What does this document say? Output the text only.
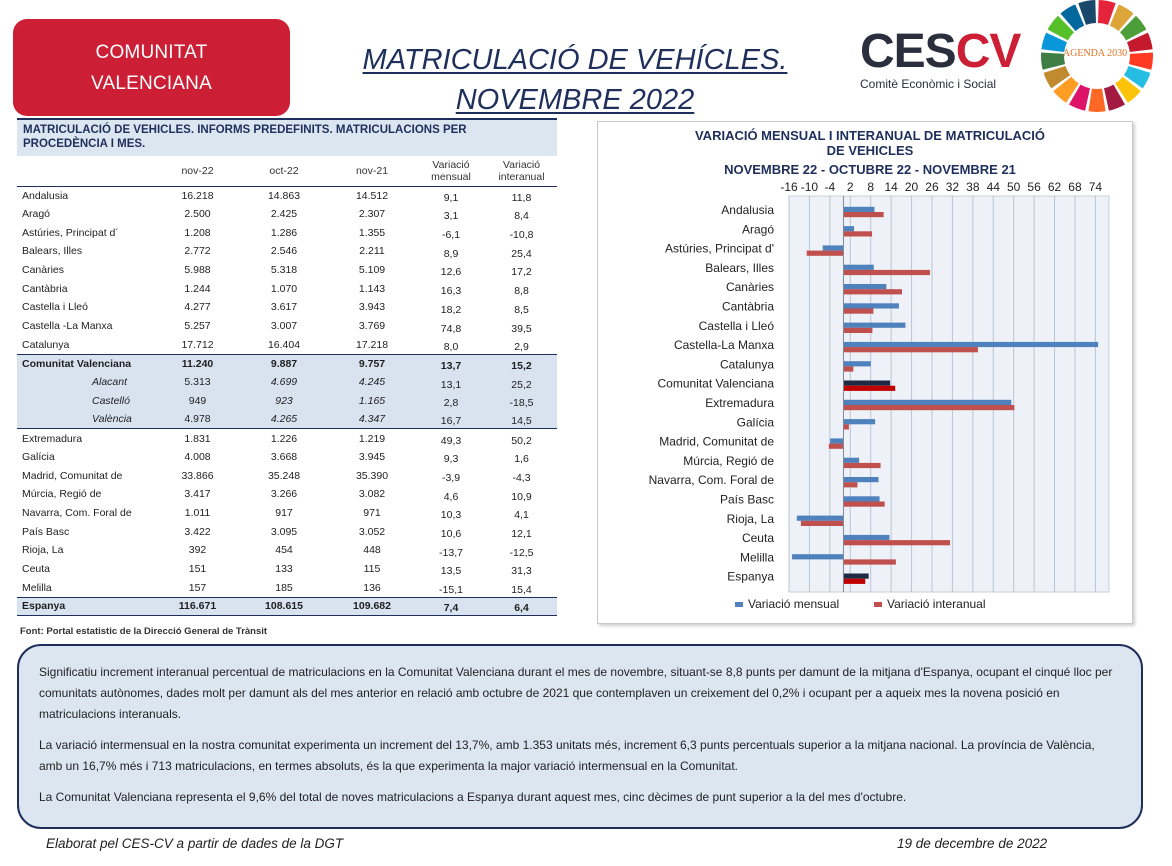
COMUNITAT
VALENCIANA
MATRICULACIÓ DE VEHÍCLES.
NOVEMBRE 2022
CESCV
Comitè Econòmic i Social
AGENDA 2030
MATRICULACIÓ DE VEHICLES. INFORMS PREDEFINITS. MATRICULACIONS PER PROCEDÈNCIA I MES.
	nov-22	oct-22	nov-21	Variació mensual	Variació interanual
Andalusia	16.218	14.863	14.512	9,1	11,8
Aragó	2.500	2.425	2.307	3,1	8,4
Astúries, Principat d´	1.208	1.286	1.355	-6,1	-10,8
Balears, Illes	2.772	2.546	2.211	8,9	25,4
Canàries	5.988	5.318	5.109	12,6	17,2
Cantàbria	1.244	1.070	1.143	16,3	8,8
Castella i Lleó	4.277	3.617	3.943	18,2	8,5
Castella -La Manxa	5.257	3.007	3.769	74,8	39,5
Catalunya	17.712	16.404	17.218	8,0	2,9
Comunitat Valenciana	11.240	9.887	9.757	13,7	15,2
Alacant	5.313	4.699	4.245	13,1	25,2
Castelló	949	923	1.165	2,8	-18,5
València	4.978	4.265	4.347	16,7	14,5
Extremadura	1.831	1.226	1.219	49,3	50,2
Galícia	4.008	3.668	3.945	9,3	1,6
Madrid, Comunitat de	33.866	35.248	35.390	-3,9	-4,3
Múrcia, Regió de	3.417	3.266	3.082	4,6	10,9
Navarra, Com. Foral de	1.011	917	971	10,3	4,1
País Basc	3.422	3.095	3.052	10,6	12,1
Rioja, La	392	454	448	-13,7	-12,5
Ceuta	151	133	115	13,5	31,3
Melilla	157	185	136	-15,1	15,4
Espanya	116.671	108.615	109.682	7,4	6,4
Font: Portal estatistic de la Direcció General de Trànsit
VARIACIÓ MENSUAL I INTERANUAL DE MATRICULACIÓ
DE VEHICLES
NOVEMBRE 22 - OCTUBRE 22 - NOVEMBRE 21
-16 -10 -4 2 8 14 20 26 32 38 44 50 56 62 68 74
Andalusia
Aragó
Astúries, Principat d'
Balears, Illes
Canàries
Cantàbria
Castella i Lleó
Castella-La Manxa
Catalunya
Comunitat Valenciana
Extremadura
Galícia
Madrid, Comunitat de
Múrcia, Regió de
Navarra, Com. Foral de
País Basc
Rioja, La
Ceuta
Melilla
Espanya
Variació mensual	Variació interanual

Significatiu increment interanual percentual de matriculacions en la Comunitat Valenciana durant el mes de novembre, situant-se 8,8 punts per damunt de la mitjana d'Espanya, ocupant el cinqué lloc per comunitats autònomes, dades molt per damunt als del mes anterior en relació amb octubre de 2021 que contemplaven un creixement del 0,2% i ocupant per a aqueix mes la novena posició en matriculacions interanuals.

La variació intermensual en la nostra comunitat experimenta un increment del 13,7%, amb 1.353 unitats més, increment 6,3 punts percentuals superior a la mitjana nacional. La província de València, amb un 16,7% més i 713 matriculacions, en termes absoluts, és la que experimenta la major variació intermensual en la Comunitat.

La Comunitat Valenciana representa el 9,6% del total de noves matriculacions a Espanya durant aquest mes, cinc dècimes de punt superior a la del mes d'octubre.

Elaborat pel CES-CV a partir de dades de la DGT	19 de decembre de 2022
